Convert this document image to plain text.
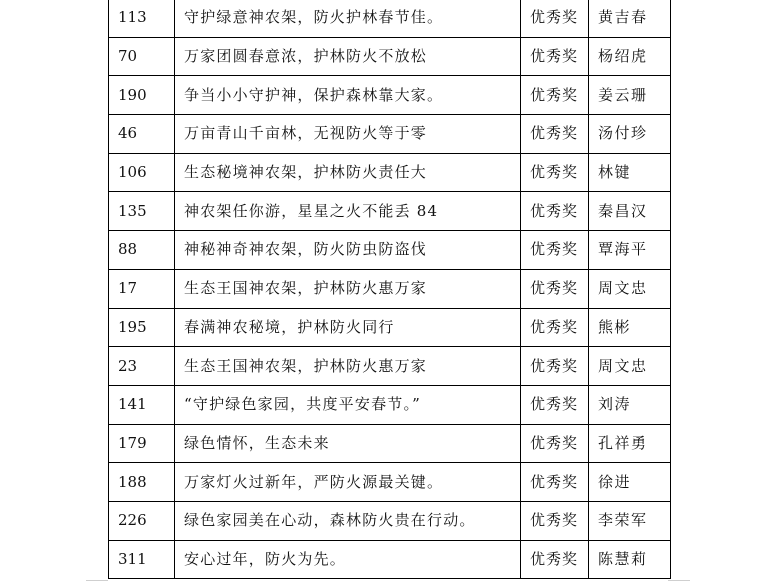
113	守护绿意神农架，防火护林春节佳。	优秀奖	黄吉春
70	万家团圆春意浓，护林防火不放松	优秀奖	杨绍虎
190	争当小小守护神，保护森林靠大家。	优秀奖	姜云珊
46	万亩青山千亩林，无视防火等于零	优秀奖	汤付珍
106	生态秘境神农架，护林防火责任大	优秀奖	林键
135	神农架任你游，星星之火不能丢 84	优秀奖	秦昌汉
88	神秘神奇神农架，防火防虫防盗伐	优秀奖	覃海平
17	生态王国神农架，护林防火惠万家	优秀奖	周文忠
195	春满神农秘境，护林防火同行	优秀奖	熊彬
23	生态王国神农架，护林防火惠万家	优秀奖	周文忠
141	“守护绿色家园，共度平安春节。”	优秀奖	刘涛
179	绿色情怀，生态未来	优秀奖	孔祥勇
188	万家灯火过新年，严防火源最关键。	优秀奖	徐进
226	绿色家园美在心动，森林防火贵在行动。	优秀奖	李荣军
311	安心过年，防火为先。	优秀奖	陈慧莉
